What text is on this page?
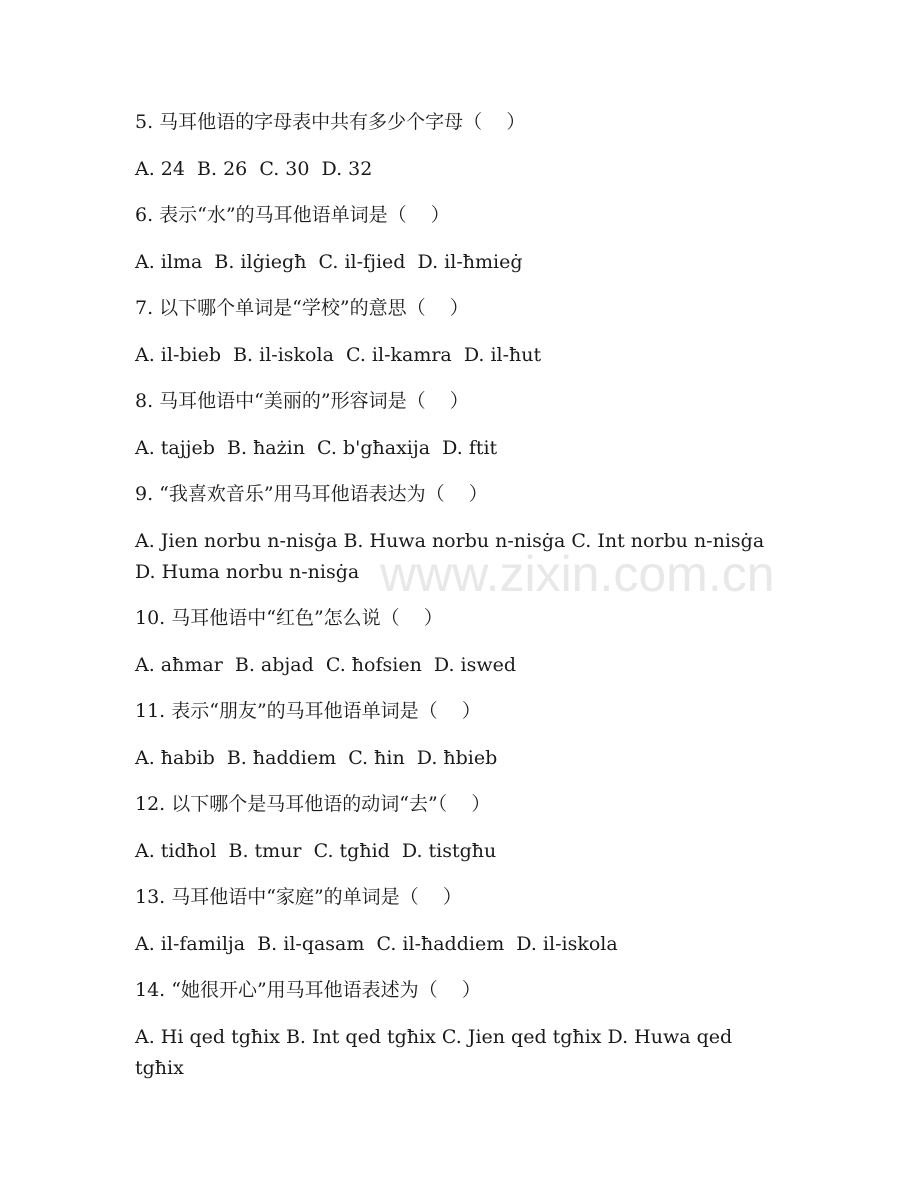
www.zixin.com.cn
5. 马耳他语的字母表中共有多少个字母（    ）
A. 24  B. 26  C. 30  D. 32
6. 表示“水”的马耳他语单词是（    ）
A. ilma  B. ilġiegħ  C. il-fjied  D. il-ħmieġ
7. 以下哪个单词是“学校”的意思（    ）
A. il-bieb  B. il-iskola  C. il-kamra  D. il-ħut
8. 马耳他语中“美丽的”形容词是（    ）
A. tajjeb  B. ħażin  C. b'għaxija  D. ftit
9. “我喜欢音乐”用马耳他语表达为（    ）
A. Jien norbu n-nisġa B. Huwa norbu n-nisġa C. Int norbu n-nisġa D. Huma norbu n-nisġa
10. 马耳他语中“红色”怎么说（    ）
A. aħmar  B. abjad  C. ħofsien  D. iswed
11. 表示“朋友”的马耳他语单词是（    ）
A. ħabib  B. ħaddiem  C. ħin  D. ħbieb
12. 以下哪个是马耳他语的动词“去”（    ）
A. tidħol  B. tmur  C. tgħid  D. tistgħu
13. 马耳他语中“家庭”的单词是（    ）
A. il-familja  B. il-qasam  C. il-ħaddiem  D. il-iskola
14. “她很开心”用马耳他语表述为（    ）
A. Hi qed tgħix B. Int qed tgħix C. Jien qed tgħix D. Huwa qed tgħix
